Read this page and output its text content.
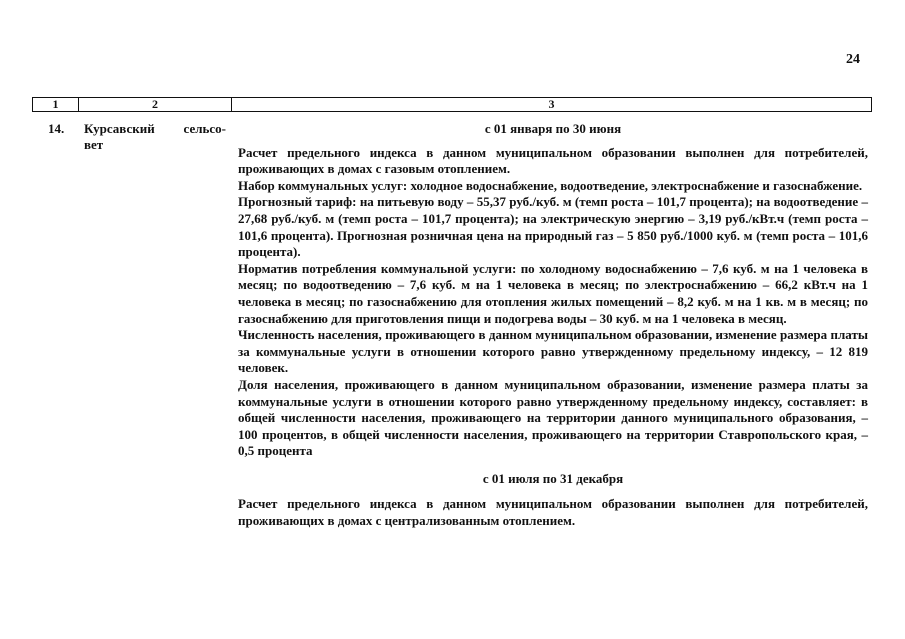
24
1	2	3
14. Курсавский сельсо-
вет

с 01 января по 30 июня

Расчет предельного индекса в данном муниципальном образовании выполнен для потребителей, проживающих в домах с газовым отоплением.

Набор коммунальных услуг: холодное водоснабжение, водоотведение, электроснабжение и газоснабжение.

Прогнозный тариф: на питьевую воду – 55,37 руб./куб. м (темп роста – 101,7 процента); на водоотведение – 27,68 руб./куб. м (темп роста – 101,7 процента); на электрическую энергию – 3,19 руб./кВт.ч (темп роста – 101,6 процента). Прогнозная розничная цена на природный газ – 5 850 руб./1000 куб. м (темп роста – 101,6 процента).

Норматив потребления коммунальной услуги: по холодному водоснабжению – 7,6 куб. м на 1 человека в месяц; по водоотведению – 7,6 куб. м на 1 человека в месяц; по электроснабжению – 66,2 кВт.ч на 1 человека в месяц; по газоснабжению для отопления жилых помещений – 8,2 куб. м на 1 кв. м в месяц; по газоснабжению для приготовления пищи и подогрева воды – 30 куб. м на 1 человека в месяц.

Численность населения, проживающего в данном муниципальном образовании, изменение размера платы за коммунальные услуги в отношении которого равно утвержденному предельному индексу, – 12 819 человек.

Доля населения, проживающего в данном муниципальном образовании, изменение размера платы за коммунальные услуги в отношении которого равно утвержденному предельному индексу, составляет: в общей численности населения, проживающего на территории данного муниципального образования, – 100 процентов, в общей численности населения, проживающего на территории Ставропольского края, – 0,5 процента

с 01 июля по 31 декабря

Расчет предельного индекса в данном муниципальном образовании выполнен для потребителей, проживающих в домах с централизованным отоплением.
